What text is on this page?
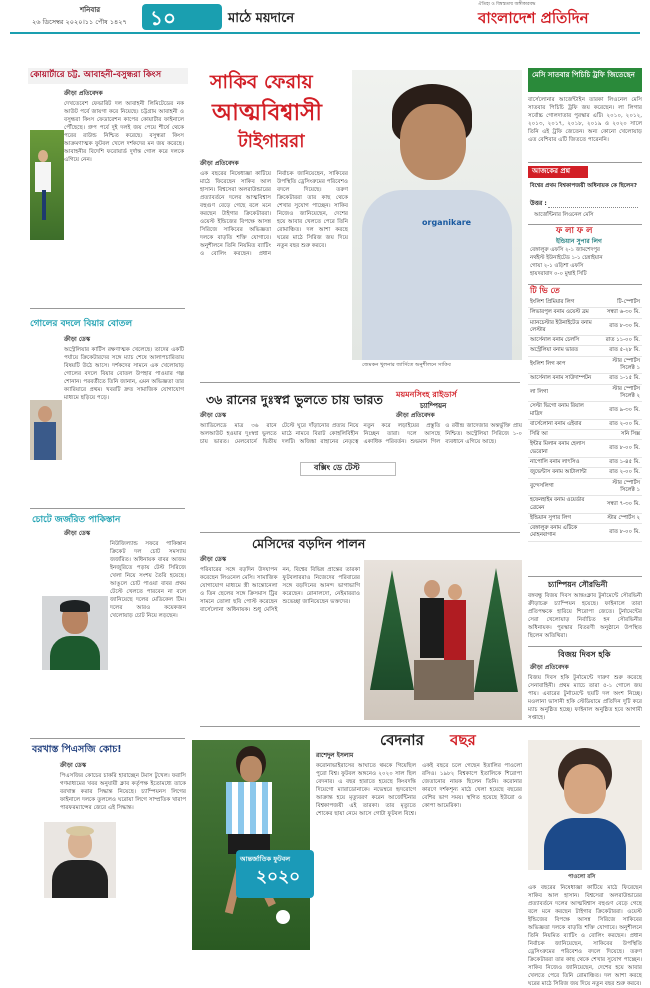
শনিবার
২৬ ডিসেম্বর ২০২০।১১ পৌষ ১৪২৭ ১০	মাঠে ময়দানে
ঐতিহ্য ও বিশ্বস্ততায় অঙ্গীকারবদ্ধ
বাংলাদেশ প্রতিদিন
কোয়ার্টারে চট্ট. আবাহনী-বসুন্ধরা কিংস
ক্রীড়া প্রতিবেদক
দেখতেবেশ ফেভারিট দল আবাহনী লিমিটেডের নক আউট পর্বে জায়গা করে নিয়েছে। চট্টগ্রাম আবাহনী ও বসুন্ধরা কিংস ফেডারেশন কাপের কোয়ার্টার ফাইনালে পৌঁছেছে। গ্রুপ পর্বে দুই দলই জয় পেয়ে শীর্ষে থেকে পরের রাউন্ড নিশ্চিত করেছে। বসুন্ধরা কিংস আক্রমণাত্মক ফুটবল খেলে দর্শকদের মন জয় করেছে। আবাহনীর বিদেশি ফরোয়ার্ড দুর্দান্ত গোল করে দলকে এগিয়ে নেন।
গোলের বদলে বিয়ার বোতল
ক্রীড়া ডেস্ক
অস্ট্রেলিয়ার কার্টিস রক্ষণাত্মক খেলেছে। তাদের একটি পর্যায়ে ক্রিকেটারদের সঙ্গে ম্যাচ শেষে আলাপচারিতায় বিষয়টি উঠে আসে। দর্শকদের সামনে এক খেলোয়াড় গোলের বদলে বিয়ার বোতল উপহার পাওয়ার গল্প শোনান। পরবর্তীতে তিনি জানান, এমন অভিজ্ঞতা তার ক্যারিয়ারে প্রথম। খবরটি দ্রুত সামাজিক যোগাযোগ মাধ্যমে ছড়িয়ে পড়ে।
চোটে জর্জরিত পাকিস্তান
ক্রীড়া ডেস্ক
নিউজিল্যান্ড সফরে পাকিস্তান ক্রিকেট দল চোট সমস্যায় জর্জরিত। অধিনায়ক বাবর আজম ইনজুরিতে পড়ায় টেস্ট সিরিজে খেলা নিয়ে সংশয় তৈরি হয়েছে। আঙুলে চোট পাওয়া বাবর প্রথম টেস্টে খেলতে পারবেন না বলে জানিয়েছে দলের মেডিকেল টিম। দলের আরও কয়েকজন খেলোয়াড় চোট নিয়ে লড়ছেন।
বরখাস্ত পিএসজি কোচ!
ক্রীড়া ডেস্ক
পিএসজির কোচের চাকরি হারাচ্ছেন টমাস টুখেল। ফরাসি গণমাধ্যমের খবর অনুযায়ী ক্লাব কর্তৃপক্ষ ইতোমধ্যে তাকে বরখাস্ত করার সিদ্ধান্ত নিয়েছে। চ্যাম্পিয়নস লিগের ফাইনালে দলকে তুললেও ঘরোয়া লিগে সাম্প্রতিক খারাপ পারফরম্যান্সের জেরে এই সিদ্ধান্ত।
সাকিব ফেরায়
আত্মবিশ্বাসী
টাইগাররা
organikare
জেমকন খুলনার জার্সিতে অনুশীলনে সাকিব
ক্রীড়া প্রতিবেদক
এক বছরের নিষেধাজ্ঞা কাটিয়ে মাঠে ফিরেছেন সাকিব আল হাসান। বিশ্বসেরা অলরাউন্ডারের প্রত্যাবর্তনে দলের আত্মবিশ্বাস বহুগুণ বেড়ে গেছে বলে মনে করছেন টাইগার ক্রিকেটাররা। ওয়েস্ট ইন্ডিজের বিপক্ষে আসন্ন সিরিজে সাকিবের অভিজ্ঞতা দলকে বাড়তি শক্তি যোগাবে। অনুশীলনে তিনি নিয়মিত ব্যাটিং ও বোলিং করছেন। প্রধান নির্বাচক জানিয়েছেন, সাকিবের উপস্থিতি ড্রেসিংরুমের পরিবেশও বদলে দিয়েছে। তরুণ ক্রিকেটাররা তার কাছ থেকে শেখার সুযোগ পাচ্ছেন। সাকিব নিজেও জানিয়েছেন, দেশের হয়ে আবার খেলতে পেরে তিনি রোমাঞ্চিত। দল আশা করছে ঘরের মাঠে সিরিজ জয় দিয়ে নতুন বছর শুরু করবে।
৩৬ রানের দুঃস্বপ্ন ভুলতে চায় ভারত
ক্রীড়া ডেস্ক
অ্যাডিলেডে মাত্র ৩৬ রানে অলআউট হওয়ার দুঃস্বপ্ন ভুলতে চায় ভারত। মেলবোর্নে দ্বিতীয় টেস্টে ঘুরে দাঁড়ানোর প্রত্যয় নিয়ে মাঠে নামবে বিরাট কোহলিবিহীন দলটি। অজিঙ্কা রাহানের নেতৃত্বে নতুন করে লড়াইয়ের প্রস্তুতি নিচ্ছেন তারা। দলে আসছে একাধিক পরিবর্তন। শুভমান গিল ও রবীন্দ্র জাদেজার অন্তর্ভুক্তি প্রায় নিশ্চিত। অস্ট্রেলিয়া সিরিজে ১-০ ব্যবধানে এগিয়ে আছে।
বক্সিং ডে টেস্ট
মেসিদের বড়দিন পালন
ক্রীড়া ডেস্ক
পরিবারের সঙ্গে বড়দিন উদযাপন করেছেন লিওনেল মেসি। সামাজিক যোগাযোগ মাধ্যমে স্ত্রী আন্তোনেলা ও তিন ছেলের সঙ্গে ক্রিসমাস ট্রির সামনে তোলা ছবি পোস্ট করেছেন বার্সেলোনা অধিনায়ক। শুধু মেসিই নন, বিশ্বের বিভিন্ন প্রান্তের তারকা ফুটবলাররাও নিজেদের পরিবারের সঙ্গে বড়দিনের আনন্দ ভাগাভাগি করেছেন। রোনালদো, নেইমাররাও শুভেচ্ছা জানিয়েছেন ভক্তদের।
বেদনার বছর
আন্তর্জাতিক ফুটবল
২০২০
রাশেদুল ইসলাম
করোনাভাইরাসের আঘাতে থমকে গিয়েছিল পুরো বিশ্ব। ফুটবল অঙ্গনেও ২০২০ সাল ছিল বেদনার। এ বছর হারাতে হয়েছে কিংবদন্তি দিয়েগো ম্যারাডোনাকে। নভেম্বরে হৃদরোগে আক্রান্ত হয়ে মৃত্যুবরণ করেন আর্জেন্টিনার বিশ্বকাপজয়ী এই তারকা। তার মৃত্যুতে শোকের ছায়া নেমে আসে গোটা ফুটবল বিশ্বে। একই বছরে চলে গেছেন ইতালির পাওলো রসিও। ১৯৮২ বিশ্বকাপে ইতালিকে শিরোপা জেতানোর নায়ক ছিলেন তিনি। করোনার কারণে দর্শকশূন্য মাঠে খেলা হয়েছে বছরের বেশির ভাগ সময়। স্থগিত হয়েছে ইউরো ও কোপা আমেরিকা।
পাওলো রসি
এক বছরের নিষেধাজ্ঞা কাটিয়ে মাঠে ফিরেছেন সাকিব আল হাসান। বিশ্বসেরা অলরাউন্ডারের প্রত্যাবর্তনে দলের আত্মবিশ্বাস বহুগুণ বেড়ে গেছে বলে মনে করছেন টাইগার ক্রিকেটাররা। ওয়েস্ট ইন্ডিজের বিপক্ষে আসন্ন সিরিজে সাকিবের অভিজ্ঞতা দলকে বাড়তি শক্তি যোগাবে। অনুশীলনে তিনি নিয়মিত ব্যাটিং ও বোলিং করছেন। প্রধান নির্বাচক জানিয়েছেন, সাকিবের উপস্থিতি ড্রেসিংরুমের পরিবেশও বদলে দিয়েছে। তরুণ ক্রিকেটাররা তার কাছ থেকে শেখার সুযোগ পাচ্ছেন। সাকিব নিজেও জানিয়েছেন, দেশের হয়ে আবার খেলতে পেরে তিনি রোমাঞ্চিত। দল আশা করছে ঘরের মাঠে সিরিজ জয় দিয়ে নতুন বছর শুরু করবে।
মেসি সাতবার পিচিচি ট্রফি জিতেছেন
বার্সেলোনার আর্জেন্টাইন তারকা লিওনেল মেসি সাতবার পিচিচি ট্রফি জয় করেছেন। লা লিগার সর্বোচ্চ গোলদাতার পুরস্কার এটি। ২০১০, ২০১২, ২০১৩, ২০১৭, ২০১৮, ২০১৯ ও ২০২০ সালে তিনি এই ট্রফি জেতেন। অন্য কোনো খেলোয়াড় এত বেশিবার এটি জিততে পারেননি।
আজকের প্রশ্ন
বিশ্বের প্রথম বিশ্বকাপজয়ী অধিনায়ক কে ছিলেন?
উত্তর :
আর্জেন্টিনার লিওনেল মেসি
ফ লা ফ ল
ইন্ডিয়ান সুপার লিগ
বেঙ্গালুরু এফসি ২-১ জামশেদপুর
নর্থইস্ট ইউনাইটেড ১-১ চেন্নাইয়ান
গোয়া ২-১ ওড়িশা এফসি
হায়দরাবাদ ০-০ মুম্বাই সিটি
টি ভি তে
ইংলিশ প্রিমিয়ার লিগ	টি-স্পোর্টস
লিভারপুল বনাম ওয়েস্ট ব্রম	সন্ধ্যা ৬-৩০ মি.
ম্যানচেস্টার ইউনাইটেড বনাম লেস্টার	রাত ৮-৩০ মি.
আর্সেনাল বনাম চেলসি	রাত ১১-০০ মি.
অস্ট্রেলিয়া বনাম ভারত	রাত ৫-২৮ মি.
ইংলিশ লিগ কাপ	স্টার স্পোর্টস সিলেক্ট ১
আর্সেনাল বনাম সাউদাম্পটন	রাত ১-১৫ মি.
লা লিগা	স্টার স্পোর্টস সিলেক্ট ২
সেল্টা ভিগো বনাম রিয়াল মাদ্রিদ	রাত ৯-৩০ মি.
বার্সেলোনা বনাম এইবার	রাত ২-০০ মি.
সিরি আ	সনি সিক্স
ইন্টার মিলান বনাম হেলাস ভেরোনা	রাত ৮-০০ মি.
নাপোলি বনাম লাৎসিও	রাত ১-৪৫ মি.
জুভেন্টাস বনাম আটালান্টা	রাত ২-০০ মি.
বুন্দেসলিগা	স্টার স্পোর্টস সিলেক্ট ১
হফেনহাইম বনাম ওয়ের্ডার ব্রেমেন	সন্ধ্যা ৭-৩০ মি.
ইন্ডিয়ান সুপার লিগ	স্টার স্পোর্টস ২
বেঙ্গালুরু বনাম এটিকে মোহনবাগান	রাত ৮-০০ মি.
ময়মনসিংহ রাইডার্স
চ্যাম্পিয়ন
ক্রীড়া প্রতিবেদক
চ্যাম্পিয়ন সৌরভিনী
বঙ্গবন্ধু বিজয় দিবস আন্তঃক্লাব টুর্নামেন্টে সৌরভিনী ক্রীড়াচক্র চ্যাম্পিয়ন হয়েছে। ফাইনালে তারা প্রতিপক্ষকে হারিয়ে শিরোপা জেতে। টুর্নামেন্টের সেরা খেলোয়াড় নির্বাচিত হন সৌরভিনীর অধিনায়ক। পুরস্কার বিতরণী অনুষ্ঠানে উপস্থিত ছিলেন অতিথিরা।
বিজয় দিবস হকি
ক্রীড়া প্রতিবেদক
বিজয় দিবস হকি টুর্নামেন্টে দারুণ শুরু করেছে সেনাবাহিনী। প্রথম ম্যাচে তারা ৫-১ গোলে জয় পায়। এবারের টুর্নামেন্টে ছয়টি দল অংশ নিচ্ছে। মওলানা ভাসানী হকি স্টেডিয়ামে প্রতিদিন দুটি করে ম্যাচ অনুষ্ঠিত হচ্ছে। ফাইনাল অনুষ্ঠিত হবে আগামী সপ্তাহে।
